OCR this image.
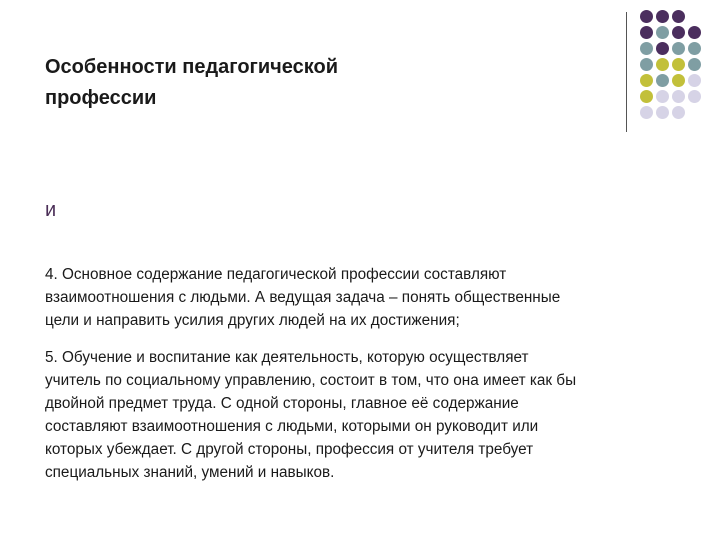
Особенности педагогической
профессии
и

4. Основное содержание педагогической профессии составляют
взаимоотношения с людьми. А ведущая задача – понять общественные
цели и направить усилия других людей на их достижения;

5. Обучение и воспитание как деятельность, которую осуществляет
учитель по социальному управлению, состоит в том, что она имеет как бы
двойной предмет труда. С одной стороны, главное её содержание
составляют взаимоотношения с людьми, которыми он руководит или
которых убеждает. С другой стороны, профессия от учителя требует
специальных знаний, умений и навыков.
